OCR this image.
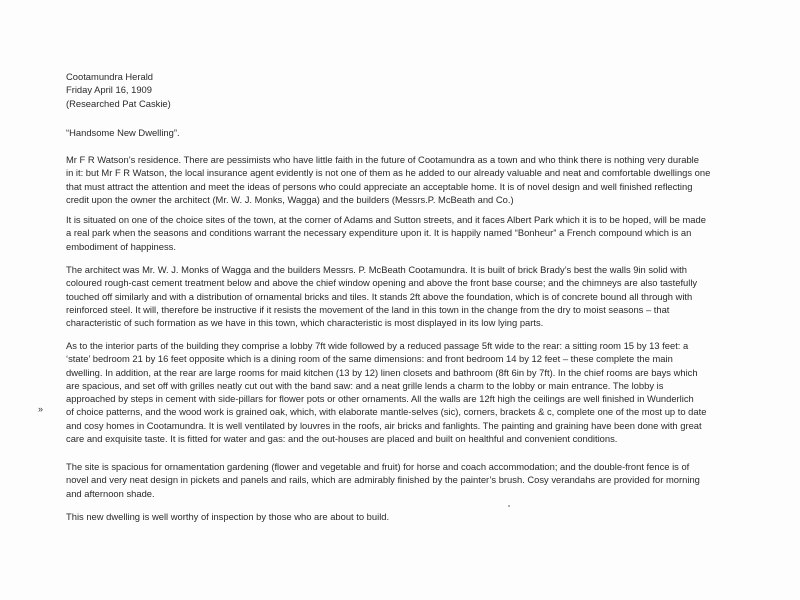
Cootamundra Herald
Friday April 16, 1909
(Researched Pat Caskie)
“Handsome New Dwelling”.
Mr F R Watson’s residence. There are pessimists who have little faith in the future of Cootamundra as a town and who think there is nothing very durable
in it: but Mr F R Watson, the local insurance agent evidently is not one of them as he added to our already valuable and neat and comfortable dwellings one
that must attract the attention and meet the ideas of persons who could appreciate an acceptable home. It is of novel design and well finished reflecting
credit upon the owner the architect (Mr. W. J. Monks, Wagga) and the builders (Messrs.P. McBeath and Co.)
It is situated on one of the choice sites of the town, at the corner of Adams and Sutton streets, and it faces Albert Park which it is to be hoped, will be made
a real park when the seasons and conditions warrant the necessary expenditure upon it. It is happily named “Bonheur” a French compound which is an
embodiment of happiness.
The architect was Mr. W. J. Monks of Wagga and the builders Messrs. P. McBeath Cootamundra. It is built of brick Brady’s best the walls 9in solid with
coloured rough-cast cement treatment below and above the chief window opening and above the front base course; and the chimneys are also tastefully
touched off similarly and with a distribution of ornamental bricks and tiles. It stands 2ft above the foundation, which is of concrete bound all through with
reinforced steel. It will, therefore be instructive if it resists the movement of the land in this town in the change from the dry to moist seasons – that
characteristic of such formation as we have in this town, which characteristic is most displayed in its low lying parts.
As to the interior parts of the building they comprise a lobby 7ft wide followed by a reduced passage 5ft wide to the rear: a sitting room 15 by 13 feet: a
‘state’ bedroom 21 by 16 feet opposite which is a dining room of the same dimensions: and front bedroom 14 by 12 feet – these complete the main
dwelling. In addition, at the rear are large rooms for maid kitchen (13 by 12) linen closets and bathroom (8ft 6in by 7ft). In the chief rooms are bays which
are spacious, and set off with grilles neatly cut out with the band saw: and a neat grille lends a charm to the lobby or main entrance. The lobby is
approached by steps in cement with side-pillars for flower pots or other ornaments. All the walls are 12ft high the ceilings are well finished in Wunderlich
of choice patterns, and the wood work is grained oak, which, with elaborate mantle-selves (sic), corners, brackets & c, complete one of the most up to date
and cosy homes in Cootamundra. It is well ventilated by louvres in the roofs, air bricks and fanlights. The painting and graining have been done with great
care and exquisite taste. It is fitted for water and gas: and the out-houses are placed and built on healthful and convenient conditions.
The site is spacious for ornamentation gardening (flower and vegetable and fruit) for horse and coach accommodation; and the double-front fence is of
novel and very neat design in pickets and panels and rails, which are admirably finished by the painter’s brush. Cosy verandahs are provided for morning
and afternoon shade.
This new dwelling is well worthy of inspection by those who are about to build.
»
